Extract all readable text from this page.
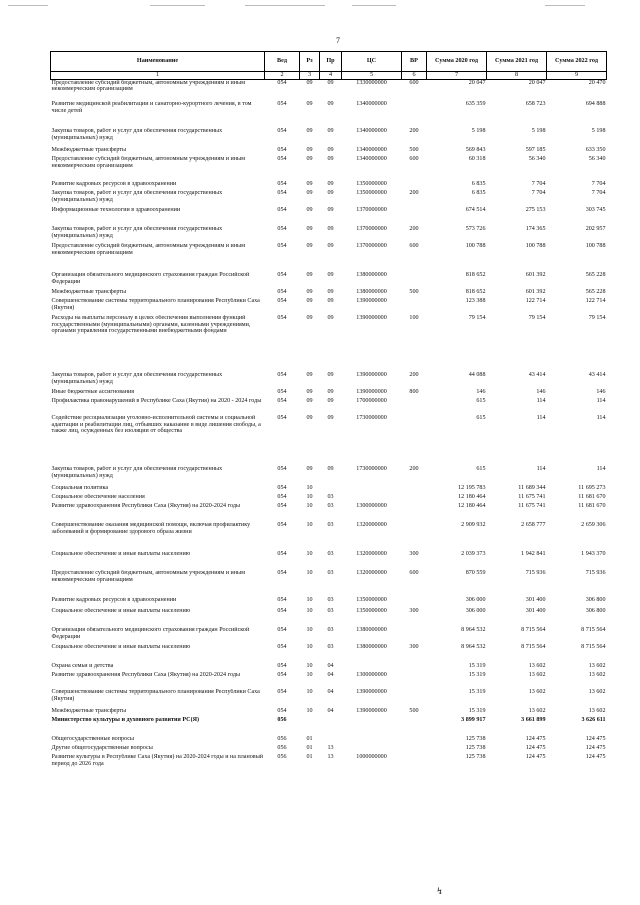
7
Наименование	Вед	Рз	Пр	ЦС	ВР	Сумма 2020 год	Сумма 2021 год	Сумма 2022 год
1	2	3	4	5	6	7	8	9
Предоставление субсидий бюджетным, автономным учреждениям и иным некоммерческим организациям	054	09	09	1330000000	600	20 047	20 047	20 470
Развитие медицинской реабилитации и санаторно-курортного лечения, в том числе детей	054	09	09	1340000000		635 359	658 723	694 888
Закупка товаров, работ и услуг для обеспечения государственных (муниципальных) нужд	054	09	09	1340000000	200	5 198	5 198	5 198
Межбюджетные трансферты	054	09	09	1340000000	500	569 843	597 185	633 350
Предоставление субсидий бюджетным, автономным учреждениям и иным некоммерческим организациям	054	09	09	1340000000	600	60 318	56 340	56 340
Развитие кадровых ресурсов в здравоохранении	054	09	09	1350000000		6 835	7 704	7 704
Закупка товаров, работ и услуг для обеспечения государственных (муниципальных) нужд	054	09	09	1350000000	200	6 835	7 704	7 704
Информационные технологии в здравоохранении	054	09	09	1370000000		674 514	275 153	303 745
Закупка товаров, работ и услуг для обеспечения государственных (муниципальных) нужд	054	09	09	1370000000	200	573 726	174 365	202 957
Предоставление субсидий бюджетным, автономным учреждениям и иным некоммерческим организациям	054	09	09	1370000000	600	100 788	100 788	100 788
Организация обязательного медицинского страхования граждан Российской Федерации	054	09	09	1380000000		818 652	601 392	565 228
Межбюджетные трансферты	054	09	09	1380000000	500	818 652	601 392	565 228
Совершенствование системы территориального планирования Республики Саха (Якутия)	054	09	09	1390000000		123 388	122 714	122 714
Расходы на выплаты персоналу в целях обеспечения выполнения функций государственными (муниципальными) органами, казенными учреждениями, органами управления государственными внебюджетными фондами	054	09	09	1390000000	100	79 154	79 154	79 154
Закупка товаров, работ и услуг для обеспечения государственных (муниципальных) нужд	054	09	09	1390000000	200	44 088	43 414	43 414
Иные бюджетные ассигнования	054	09	09	1390000000	800	146	146	146
Профилактика правонарушений в Республике Саха (Якутия) на 2020 - 2024 годы	054	09	09	1700000000		615	114	114
Содействие ресоциализации уголовно-исполнительной системы и социальной адаптации и реабилитации лиц, отбывших наказание в виде лишения свободы, а также лиц, осужденных без изоляции от общества	054	09	09	1730000000		615	114	114
Закупка товаров, работ и услуг для обеспечения государственных (муниципальных) нужд	054	09	09	1730000000	200	615	114	114
Социальная политика	054	10				12 195 783	11 689 344	11 695 273
Социальное обеспечение населения	054	10	03			12 180 464	11 675 741	11 681 670
Развитие здравоохранения Республики Саха (Якутия) на 2020-2024 годы	054	10	03	1300000000		12 180 464	11 675 741	11 681 670
Совершенствование оказания медицинской помощи, включая профилактику заболеваний и формирование здорового образа жизни	054	10	03	1320000000		2 909 932	2 658 777	2 659 306
Социальное обеспечение и иные выплаты населению	054	10	03	1320000000	300	2 039 373	1 942 841	1 943 370
Предоставление субсидий бюджетным, автономным учреждениям и иным некоммерческим организациям	054	10	03	1320000000	600	870 559	715 936	715 936
Развитие кадровых ресурсов в здравоохранении	054	10	03	1350000000		306 000	301 400	306 800
Социальное обеспечение и иные выплаты населению	054	10	03	1350000000	300	306 000	301 400	306 800
Организация обязательного медицинского страхования граждан Российской Федерации	054	10	03	1380000000		8 964 532	8 715 564	8 715 564
Социальное обеспечение и иные выплаты населению	054	10	03	1380000000	300	8 964 532	8 715 564	8 715 564
Охрана семьи и детства	054	10	04			15 319	13 602	13 602
Развитие здравоохранения Республики Саха (Якутия) на 2020-2024 годы	054	10	04	1300000000		15 319	13 602	13 602
Совершенствование системы территориального планирования Республики Саха (Якутия)	054	10	04	1390000000		15 319	13 602	13 602
Межбюджетные трансферты	054	10	04	1390000000	500	15 319	13 602	13 602
Министерство культуры и духовного развития РС(Я)	056					3 899 917	3 661 899	3 626 611
Общегосударственные вопросы	056	01				125 738	124 475	124 475
Другие общегосударственные вопросы	056	01	13			125 738	124 475	124 475
Развитие культуры в Республике Саха (Якутия) на 2020-2024 годы и на плановый период до 2026 года	056	01	13	1000000000		125 738	124 475	124 475
↯
